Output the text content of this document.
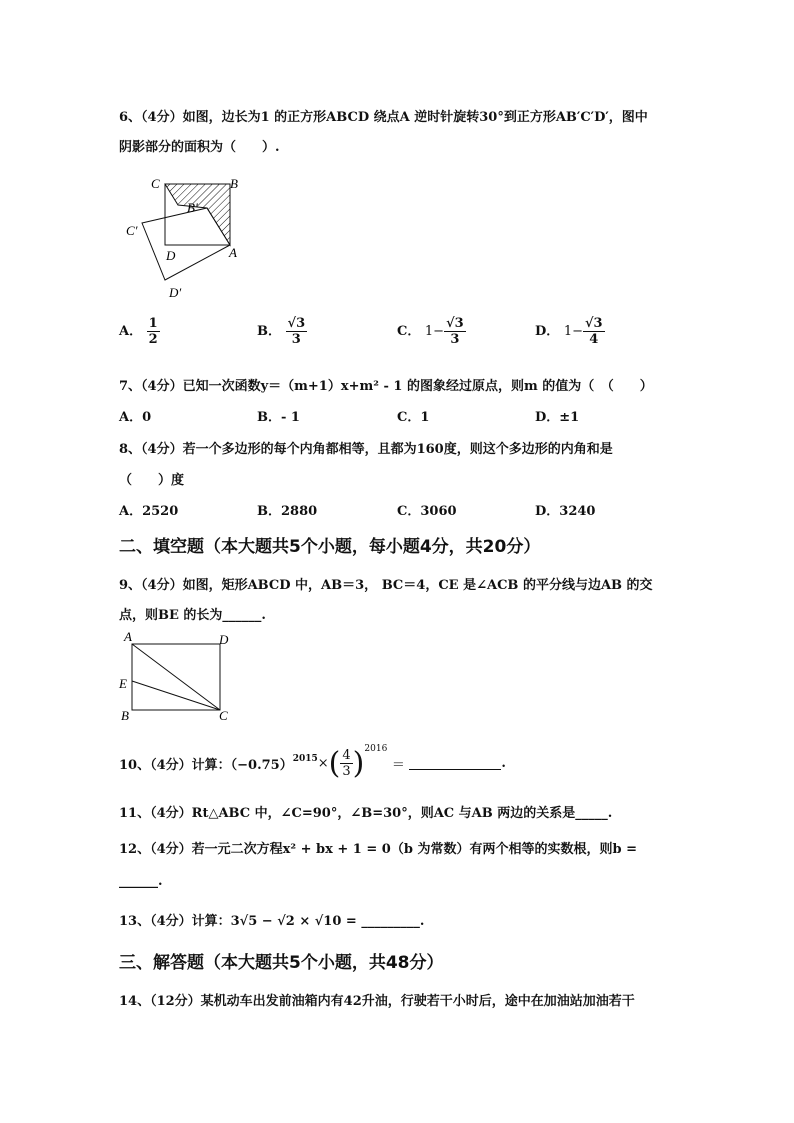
6、（4分）如图，边长为1 的正方形ABCD 绕点A 逆时针旋转30°到正方形AB′C′D′，图中
阴影部分的面积为（　　）.
C	B
B′
C′
D	A
D′
A． $\frac{1}{2}$	B． $\frac{√3}{3}$	C． $1- \frac{√3}{3}$	D． $1- \frac{√3}{4}$
7、（4分）已知一次函数y＝（m+1）x+m² - 1 的图象经过原点，则m 的值为（　（　　）
A．0	B．- 1	C．1	D．±1
8、（4分）若一个多边形的每个内角都相等，且都为160度，则这个多边形的内角和是
（　　）度
A．2520	B．2880	C．3060	D．3240
二、填空题（本大题共5个小题，每小题4分，共20分）
9、（4分）如图，矩形ABCD 中，AB＝3， BC＝4，CE 是∠ACB 的平分线与边AB 的交
点，则BE 的长为______.
A	D
E
B	C
10、（4分）计算：$(-0.75)^{2015}\times( \frac{4}{3} )^{2016}$ ＝	.
11、（4分）Rt△ABC 中，∠C=90°，∠B=30°，则AC 与AB 两边的关系是_____.
12、（4分）若一元二次方程x² + bx + 1 = 0（b 为常数）有两个相等的实数根，则b =
______.
13、（4分）计算：3√5 − √2 × √10 = _________.
三、解答题（本大题共5个小题，共48分）
14、（12分）某机动车出发前油箱内有42升油，行驶若干小时后，途中在加油站加油若干
